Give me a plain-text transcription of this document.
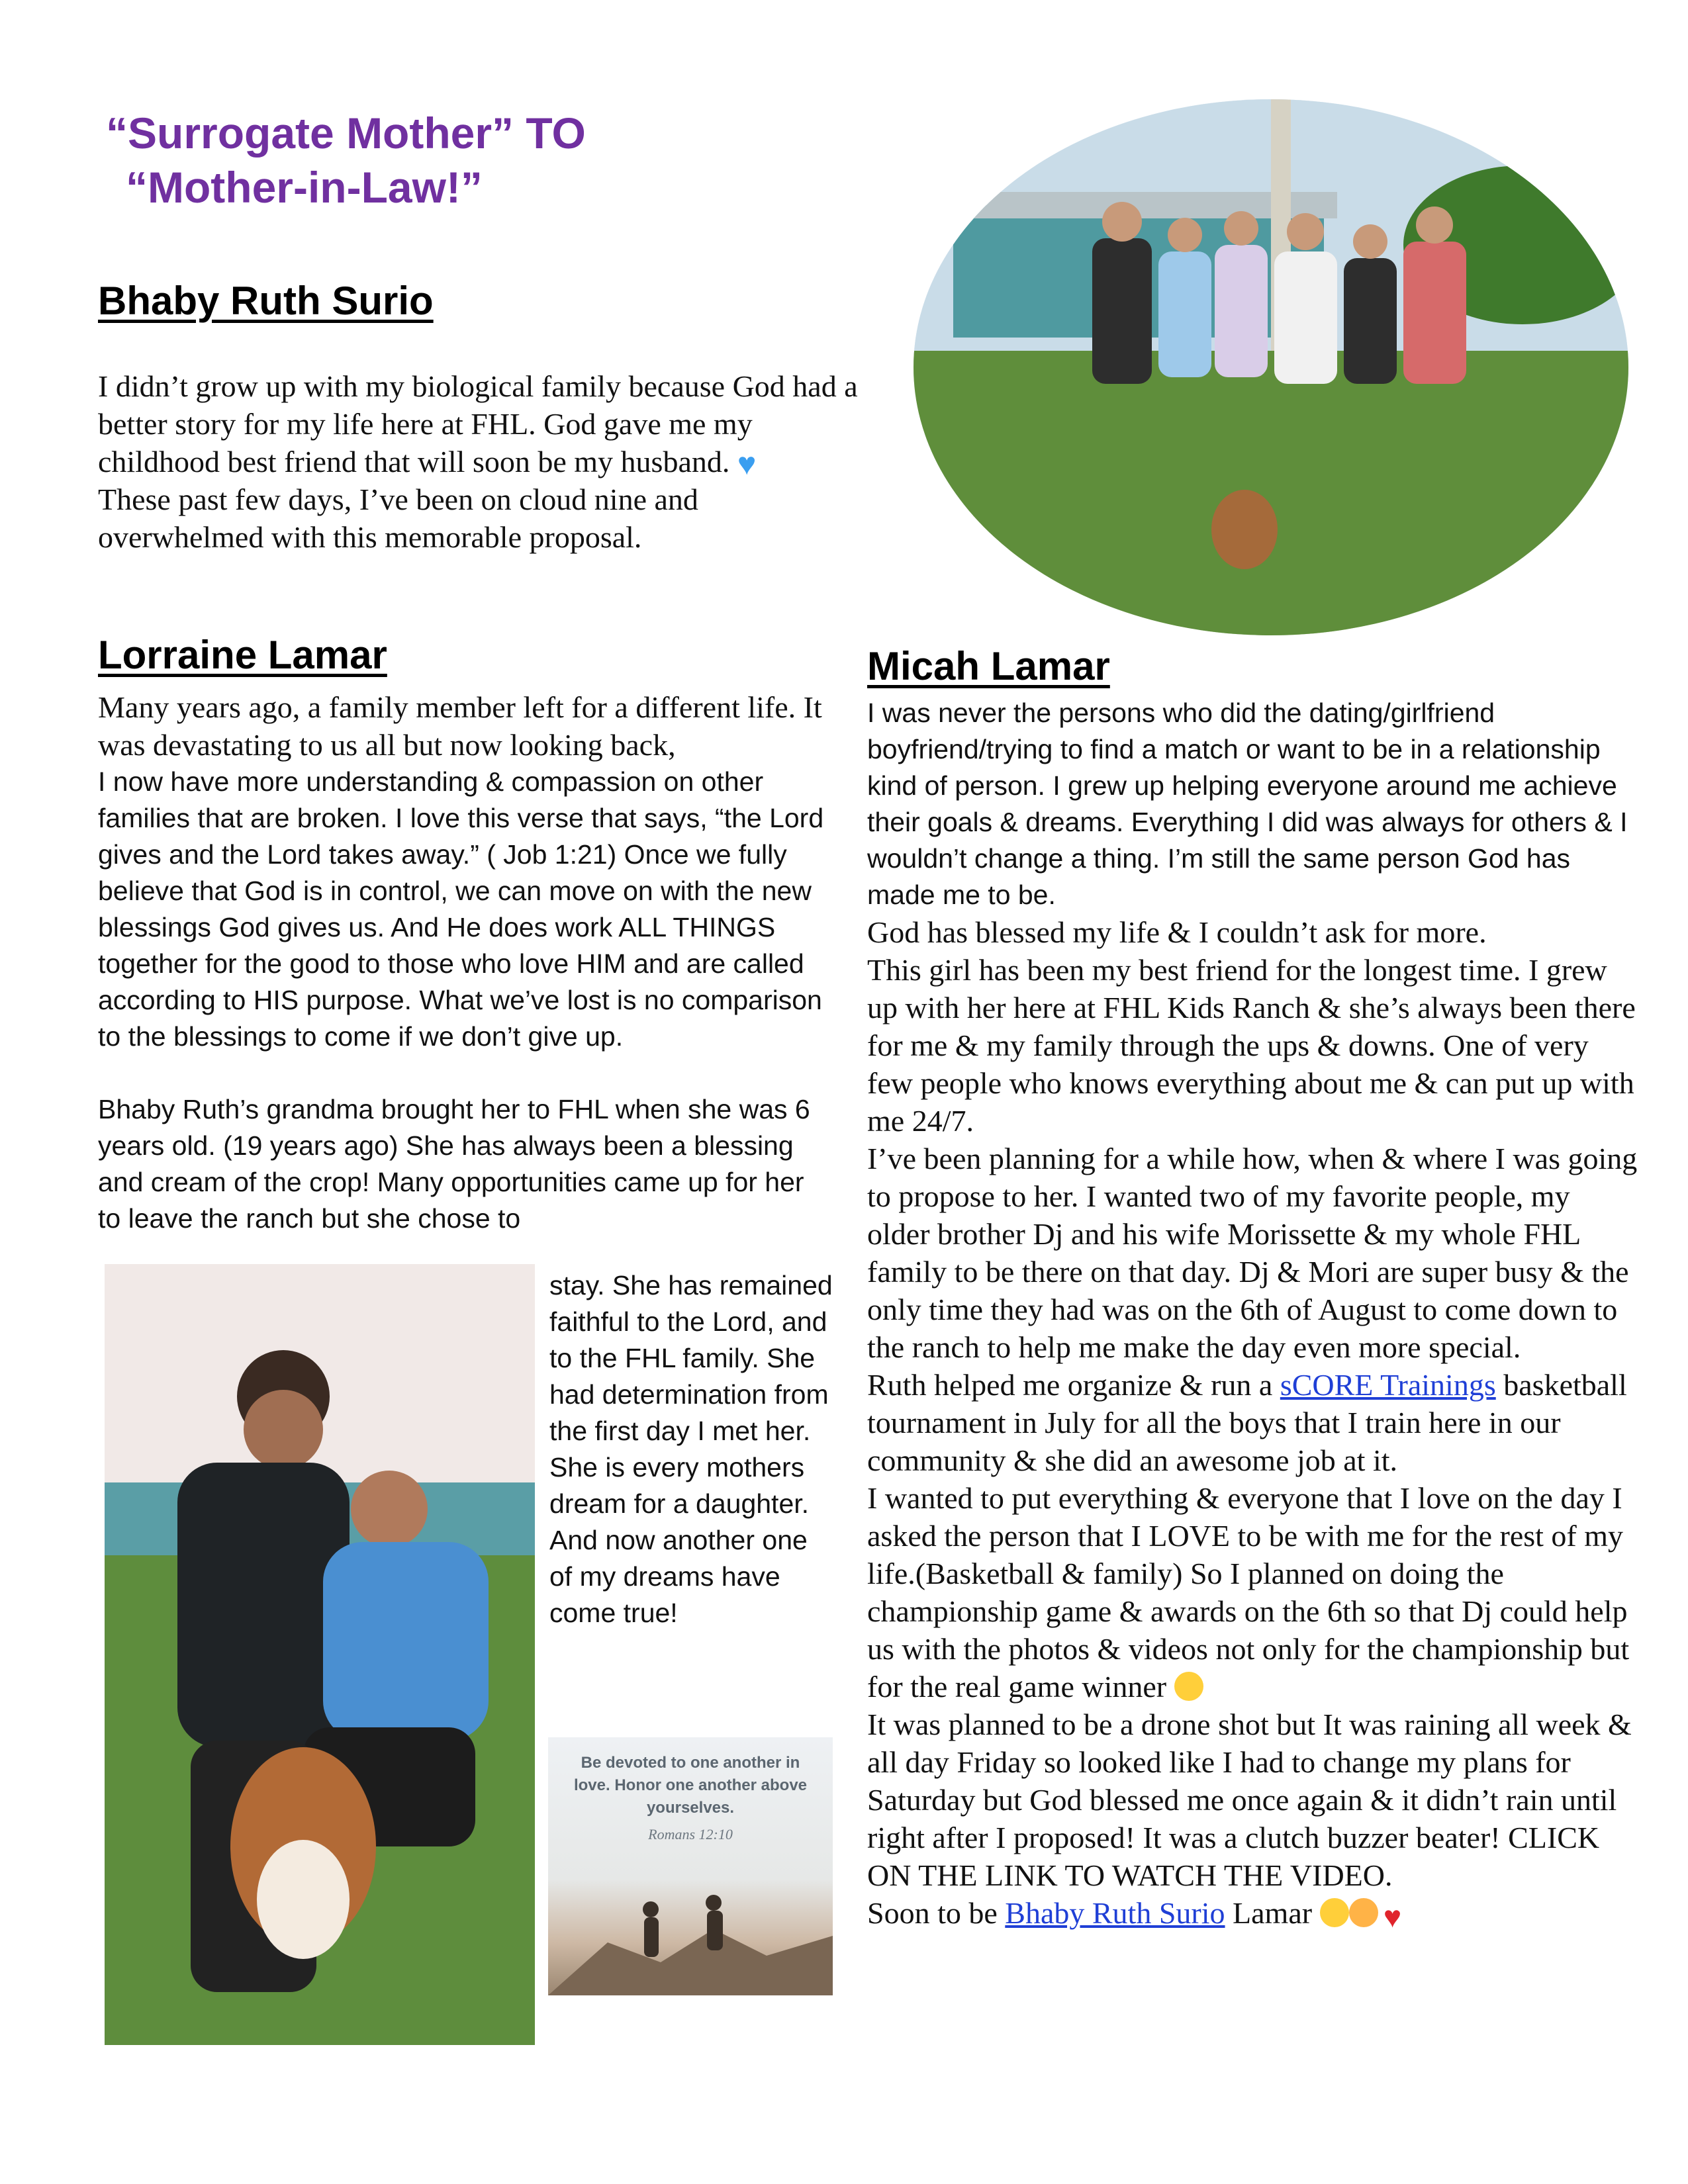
“Surrogate Mother” TO
“Mother-in-Law!”
Bhaby Ruth Surio

I didn’t grow up with my biological family because God had a better story for my life here at FHL. God gave me my childhood best friend that will soon be my husband. ♥

These past few days, I’ve been on cloud nine and overwhelmed with this memorable proposal.

Lorraine Lamar

Many years ago, a family member left for a different life. It was devastating to us all but now looking back,

I now have more understanding & compassion on other families that are broken. I love this verse that says, “the Lord gives and the Lord takes away.” ( Job 1:21) Once we fully believe that God is in control, we can move on with the new blessings God gives us. And He does work ALL THINGS together for the good to those who love HIM and are called according to HIS purpose. What we’ve lost is no comparison to the blessings to come if we don’t give up.

Bhaby Ruth’s grandma brought her to FHL when she was 6 years old. (19 years ago) She has always been a blessing and cream of the crop! Many opportunities came up for her to leave the ranch but she chose to

stay. She has remained faithful to the Lord, and to the FHL family. She had determination from the first day I met her. She is every mothers dream for a daughter. And now another one of my dreams have come true!

Be devoted to one another in love. Honor one another above yourselves.
Romans 12:10
Micah Lamar

I was never the persons who did the dating/girlfriend boyfriend/trying to find a match or want to be in a relationship kind of person. I grew up helping everyone around me achieve their goals & dreams. Everything I did was always for others & I wouldn’t change a thing. I’m still the same person God has made me to be.

God has blessed my life & I couldn’t ask for more.

This girl has been my best friend for the longest time. I grew up with her here at FHL Kids Ranch & she’s always been there for me & my family through the ups & downs. One of very few people who knows everything about me & can put up with me 24/7.

I’ve been planning for a while how, when & where I was going to propose to her. I wanted two of my favorite people, my older brother Dj and his wife Morissette & my whole FHL family to be there on that day. Dj & Mori are super busy & the only time they had was on the 6th of August to come down to the ranch to help me make the day even more special.

Ruth helped me organize & run a sCORE Trainings basketball tournament in July for all the boys that I train here in our community & she did an awesome job at it.

I wanted to put everything & everyone that I love on the day I asked the person that I LOVE to be with me for the rest of my life.(Basketball & family) So I planned on doing the championship game & awards on the 6th so that Dj could help us with the photos & videos not only for the championship but for the real game winner

It was planned to be a drone shot but It was raining all week & all day Friday so looked like I had to change my plans for Saturday but God blessed me once again & it didn’t rain until right after I proposed! It was a clutch buzzer beater! CLICK ON THE LINK TO WATCH THE VIDEO.

Soon to be Bhaby Ruth Surio Lamar ♥
